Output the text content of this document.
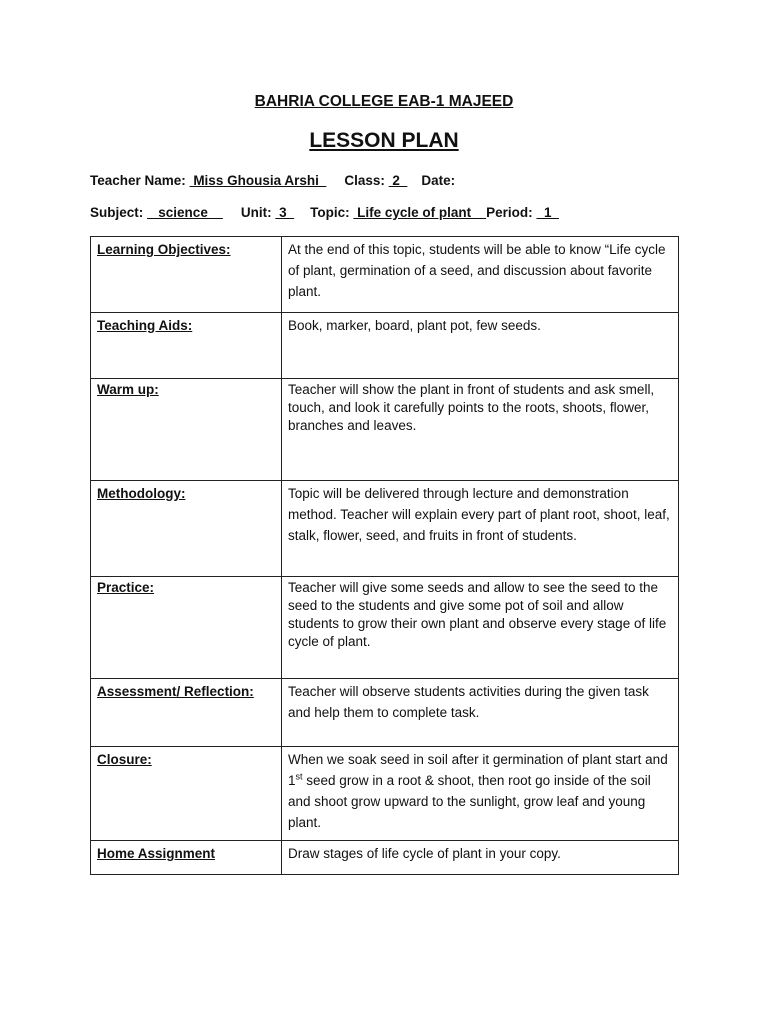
BAHRIA COLLEGE EAB-1 MAJEED
LESSON PLAN
Teacher Name:  Miss Ghousia Arshi  Class:  2  Date:
Subject:    science    Unit:  3  Topic:  Life cycle of plant    Period:   1
Learning Objectives:	At the end of this topic, students will be able to know “Life cycle of plant, germination of a seed, and discussion about favorite plant.
Teaching Aids:	Book, marker, board, plant pot, few seeds.
Warm up:	Teacher will show the plant in front of students and ask smell, touch, and look it carefully points to the roots, shoots, flower, branches and leaves.
Methodology:	Topic will be delivered through lecture and demonstration method. Teacher will explain every part of plant root, shoot, leaf, stalk, flower, seed, and fruits in front of students.
Practice:	Teacher will give some seeds and allow to see the seed to the seed to the students and give some pot of soil and allow students to grow their own plant and observe every stage of life cycle of plant.
Assessment/ Reflection:	Teacher will observe students activities during the given task and help them to complete task.
Closure:	When we soak seed in soil after it germination of plant start and 1st seed grow in a root & shoot, then root go inside of the soil and shoot grow upward to the sunlight, grow leaf and young plant.
Home Assignment	Draw stages of life cycle of plant in your copy.
